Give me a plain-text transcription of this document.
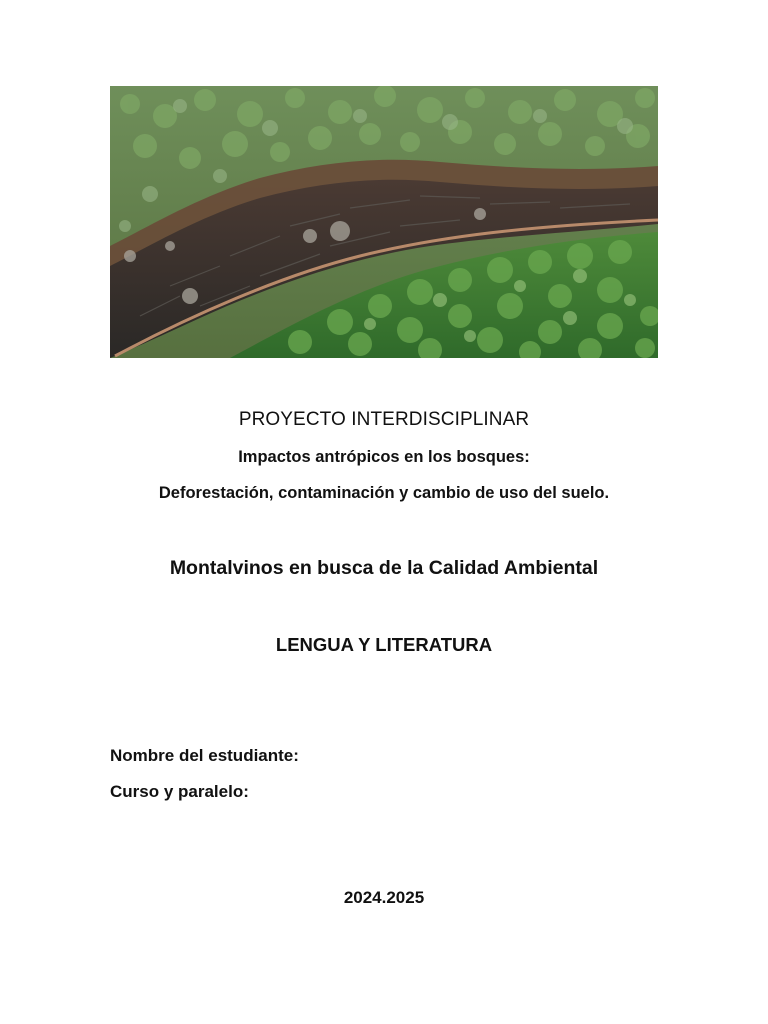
PROYECTO INTERDISCIPLINAR
Impactos antrópicos en los bosques:
Deforestación, contaminación y cambio de uso del suelo.
Montalvinos en busca de la Calidad Ambiental
LENGUA Y LITERATURA
Nombre del estudiante:
Curso y paralelo:
2024.2025
